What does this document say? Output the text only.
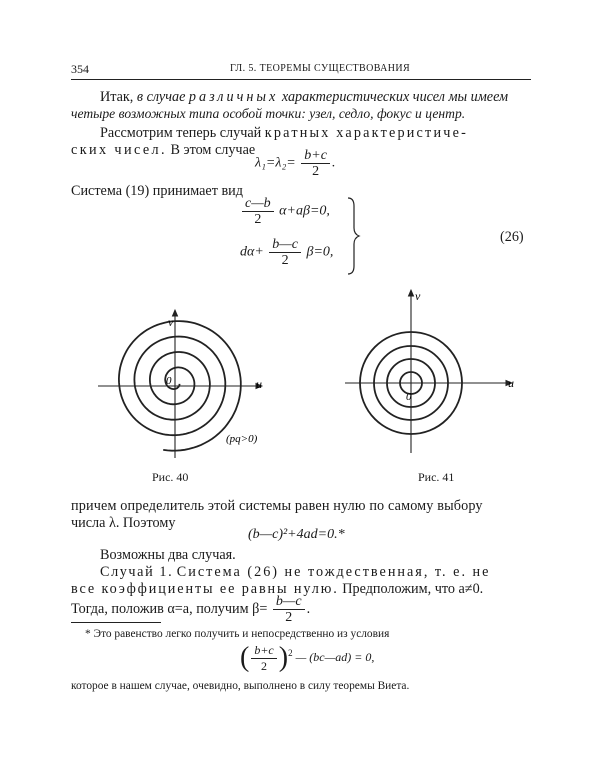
354	ГЛ. 5. ТЕОРЕМЫ СУЩЕСТВОВАНИЯ
Итак, в случае различных характеристических чисел мы имеем
четыре возможных типа особой точки: узел, седло, фокус и центр.
Рассмотрим теперь случай кратных характеристиче-
ских чисел. В этом случае
$\lambda_1=\lambda_2= \frac{b+c}{2}$ .
Система (19) принимает вид
$\frac{c—b}{2} \alpha+a\beta=0$,
$d\alpha+ \frac{b—c}{2} \beta=0$,
(26)
v
u
0
(pq>0)
Рис. 40
v
u
0
Рис. 41
причем определитель этой системы равен нулю по самому выбору
числа λ. Поэтому
(b—c)²+4ad=0.*
Возможны два случая.
Случай 1. Система (26) не тождественная, т. е. не
все коэффициенты ее равны нулю. Предположим, что a≠0.
Тогда, положив α=a, получим $\beta= \frac{b—c}{2}$ .
* Это равенство легко получить и непосредственно из условия
( $\frac{b+c}{2} )^2$ — (bc—ad) = 0,
которое в нашем случае, очевидно, выполнено в силу теоремы Виета.
